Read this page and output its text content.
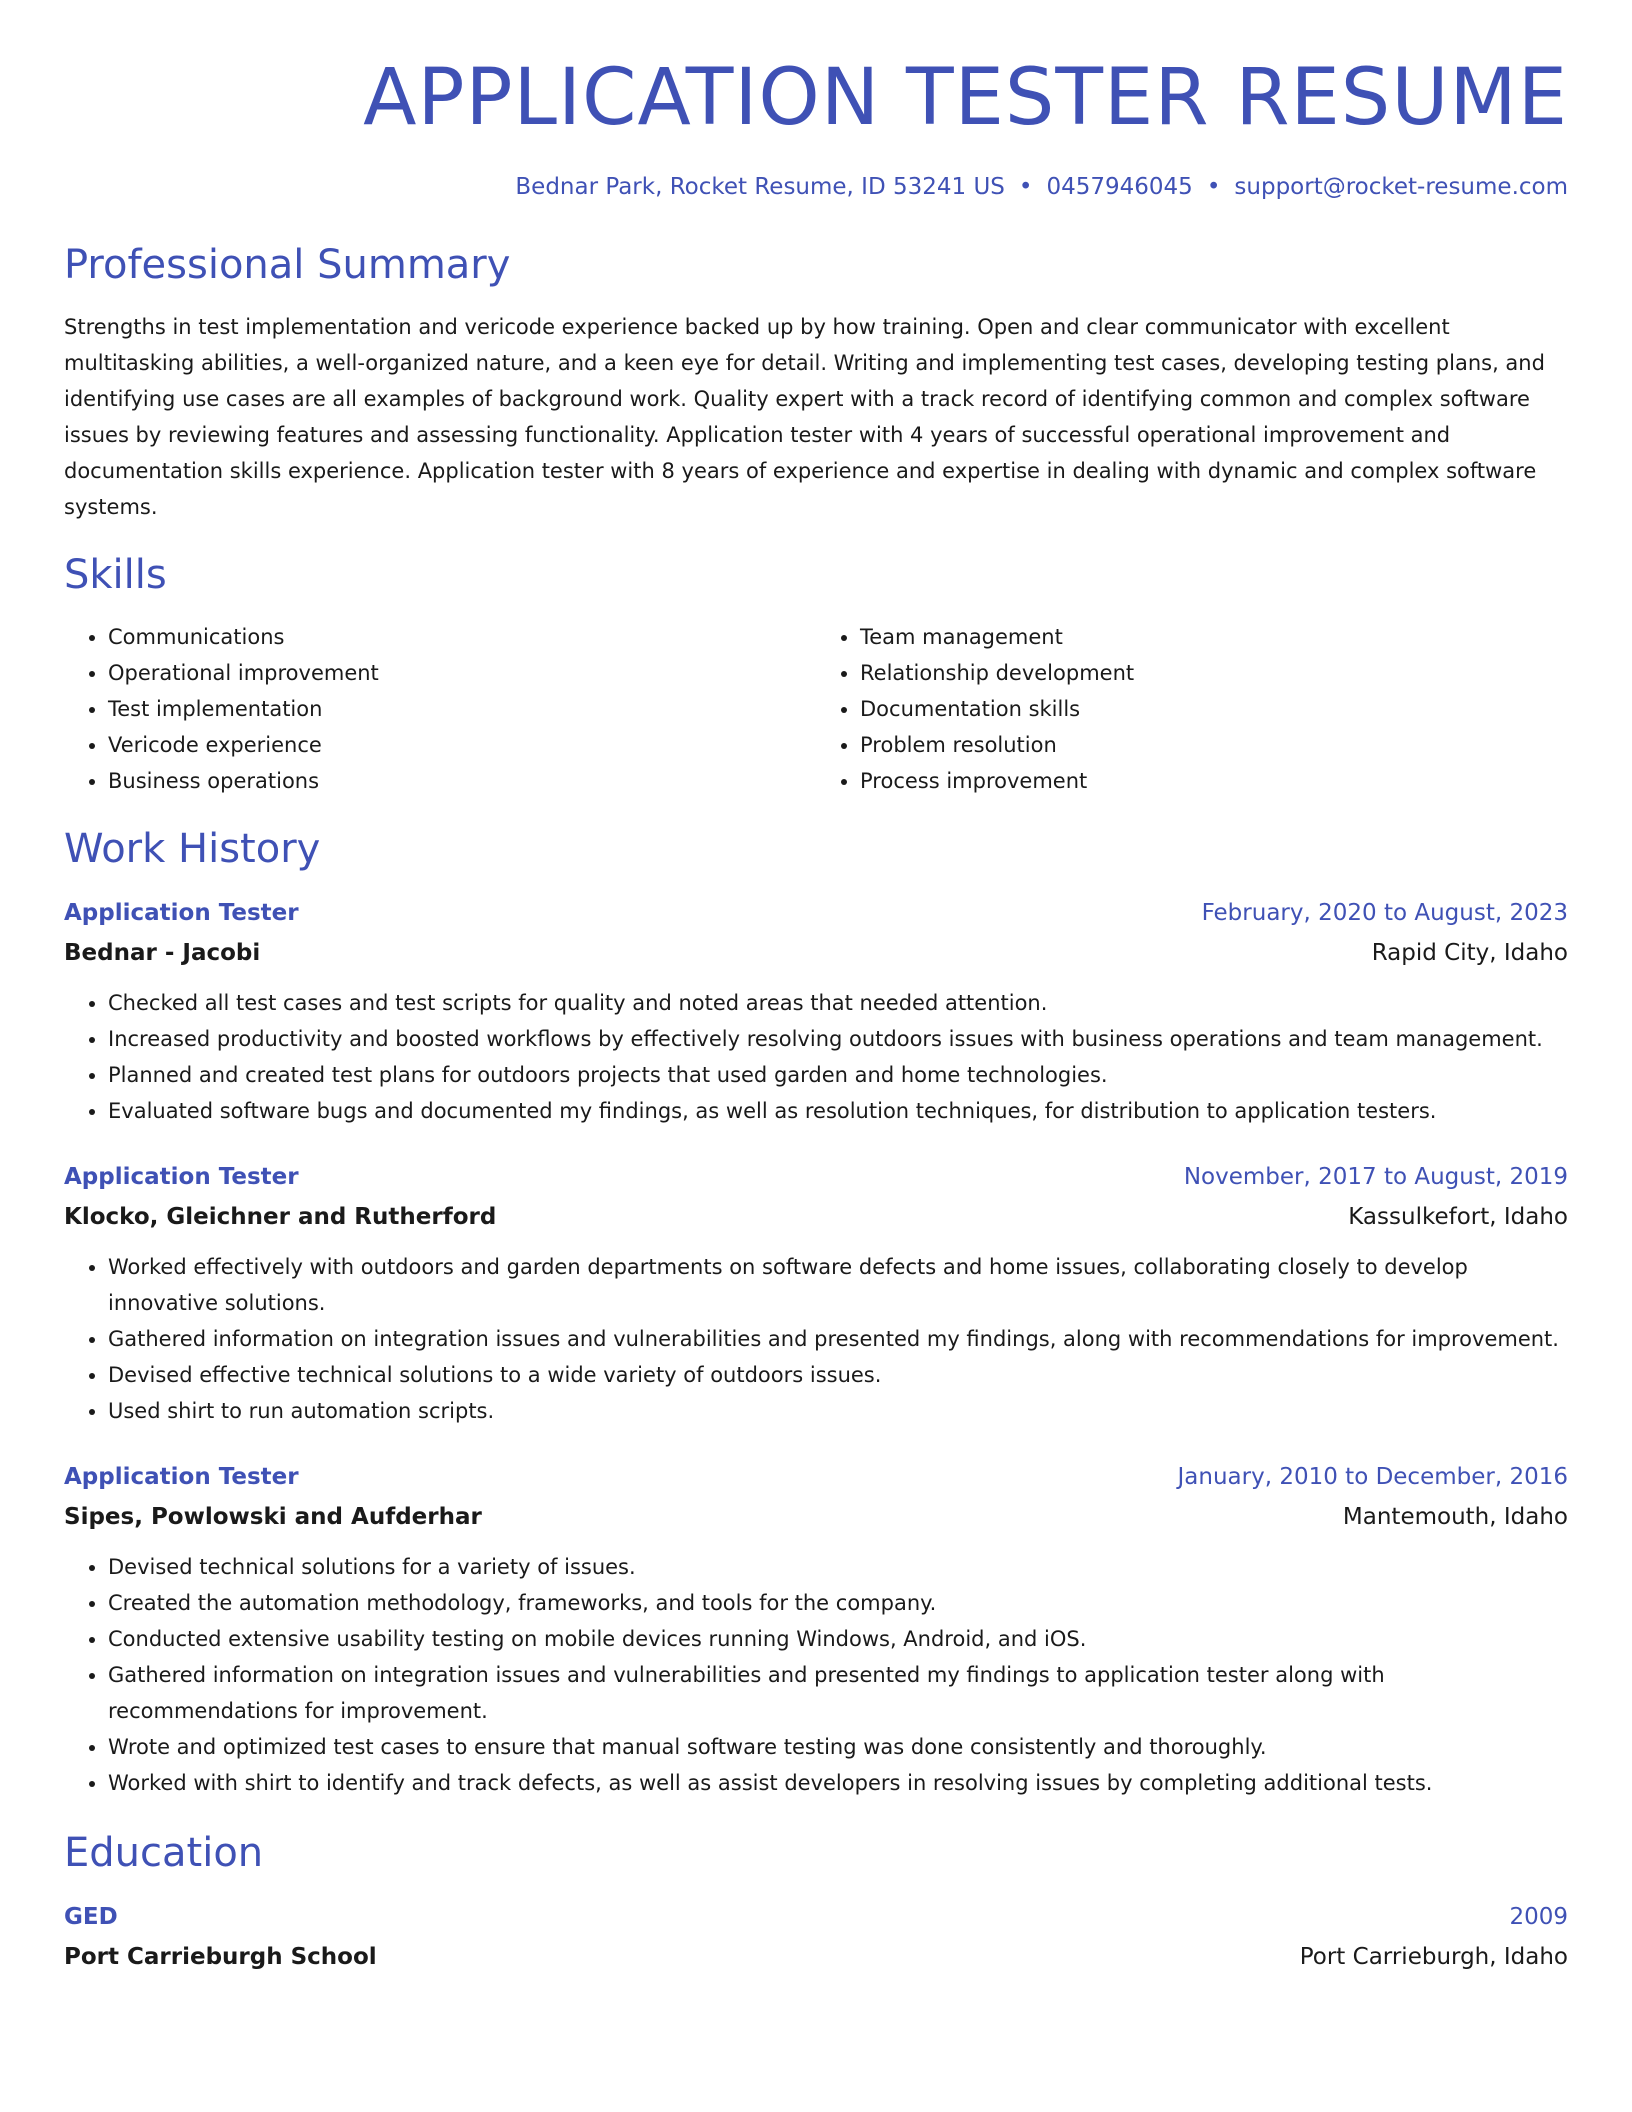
APPLICATION TESTER RESUME
Bednar Park, Rocket Resume, ID 53241 US • 0457946045 • support@rocket-resume.com
Professional Summary

Strengths in test implementation and vericode experience backed up by how training. Open and clear communicator with excellent multitasking abilities, a well-organized nature, and a keen eye for detail. Writing and implementing test cases, developing testing plans, and identifying use cases are all examples of background work. Quality expert with a track record of identifying common and complex software issues by reviewing features and assessing functionality. Application tester with 4 years of successful operational improvement and documentation skills experience. Application tester with 8 years of experience and expertise in dealing with dynamic and complex software systems.

Skills
• Communications
• Operational improvement
• Test implementation
• Vericode experience
• Business operations
• Team management
• Relationship development
• Documentation skills
• Problem resolution
• Process improvement
Work History
Application Tester	February, 2020 to August, 2023
Bednar - Jacobi	Rapid City, Idaho
• Checked all test cases and test scripts for quality and noted areas that needed attention.
• Increased productivity and boosted workflows by effectively resolving outdoors issues with business operations and team management.
• Planned and created test plans for outdoors projects that used garden and home technologies.
• Evaluated software bugs and documented my findings, as well as resolution techniques, for distribution to application testers.
Application Tester	November, 2017 to August, 2019
Klocko, Gleichner and Rutherford	Kassulkefort, Idaho
• Worked effectively with outdoors and garden departments on software defects and home issues, collaborating closely to develop innovative solutions.
• Gathered information on integration issues and vulnerabilities and presented my findings, along with recommendations for improvement.
• Devised effective technical solutions to a wide variety of outdoors issues.
• Used shirt to run automation scripts.
Application Tester	January, 2010 to December, 2016
Sipes, Powlowski and Aufderhar	Mantemouth, Idaho
• Devised technical solutions for a variety of issues.
• Created the automation methodology, frameworks, and tools for the company.
• Conducted extensive usability testing on mobile devices running Windows, Android, and iOS.
• Gathered information on integration issues and vulnerabilities and presented my findings to application tester along with recommendations for improvement.
• Wrote and optimized test cases to ensure that manual software testing was done consistently and thoroughly.
• Worked with shirt to identify and track defects, as well as assist developers in resolving issues by completing additional tests.
Education
GED	2009
Port Carrieburgh School	Port Carrieburgh, Idaho
